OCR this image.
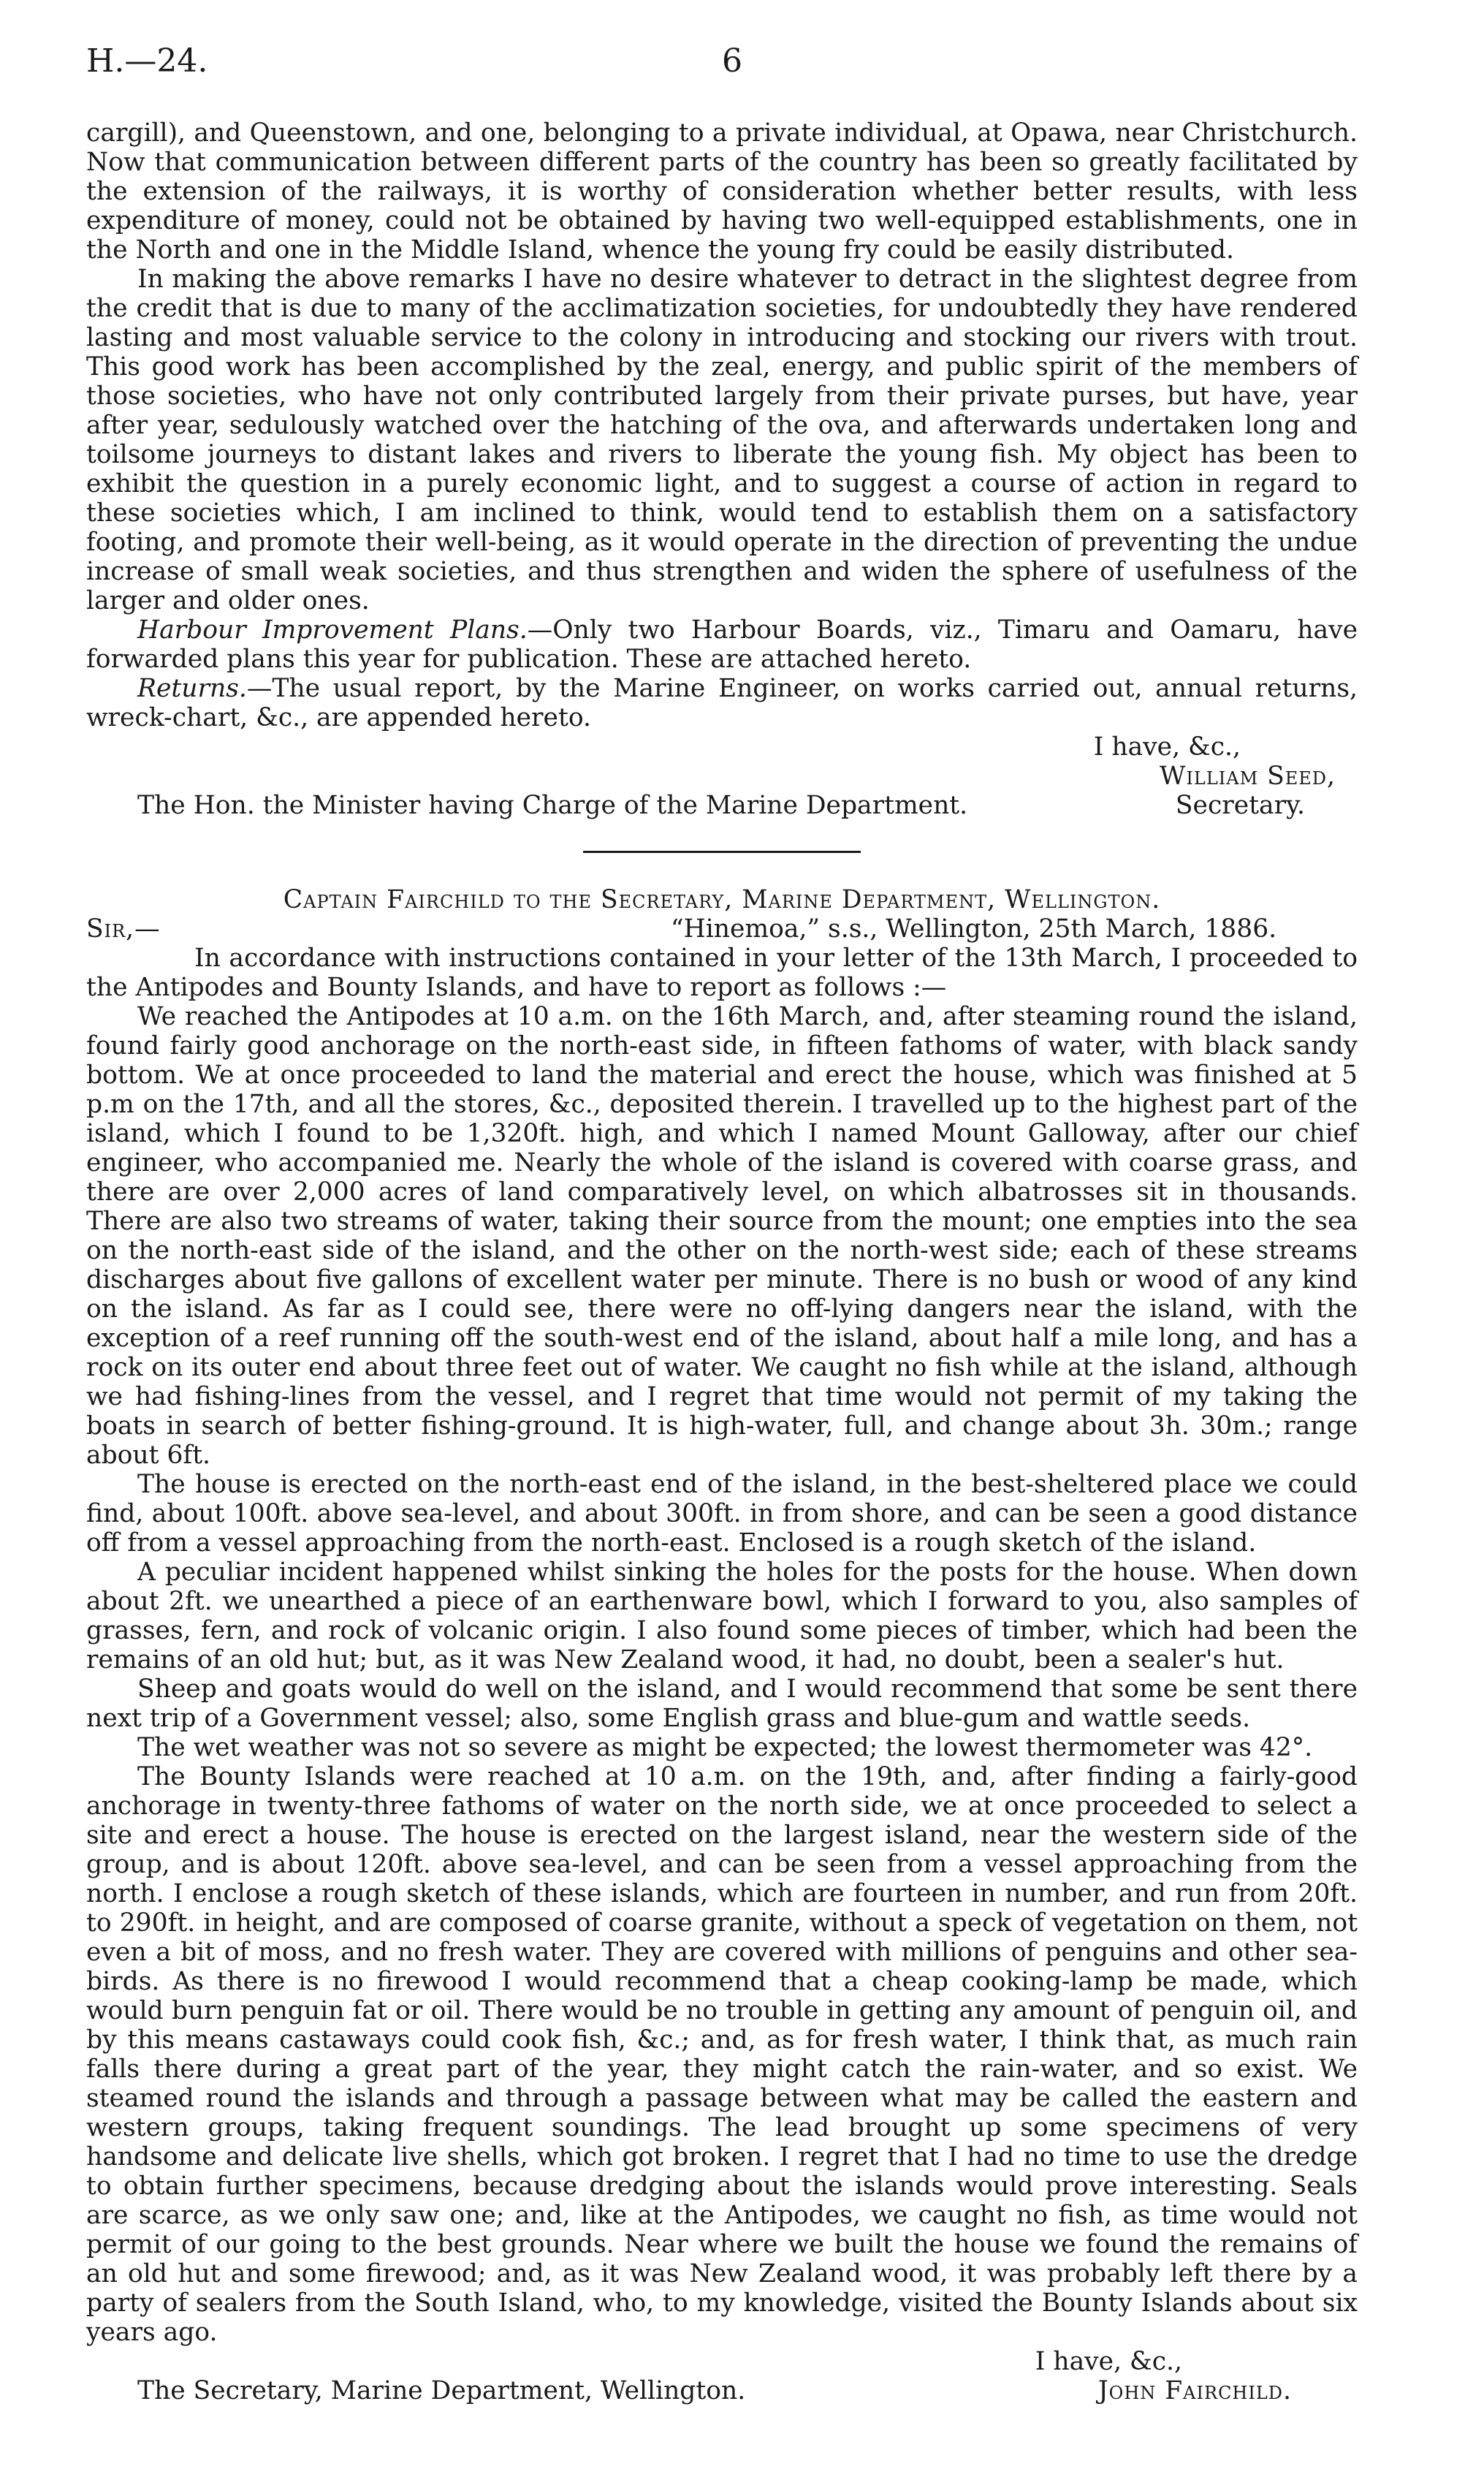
H.—24.	6

cargill), and Queenstown, and one, belonging to a private individual, at Opawa, near Christchurch. Now that communication between different parts of the country has been so greatly facilitated by the extension of the railways, it is worthy of consideration whether better results, with less expenditure of money, could not be obtained by having two well-equipped establishments, one in the North and one in the Middle Island, whence the young fry could be easily distributed.

In making the above remarks I have no desire whatever to detract in the slightest degree from the credit that is due to many of the acclimatization societies, for undoubtedly they have rendered lasting and most valuable service to the colony in introducing and stocking our rivers with trout. This good work has been accomplished by the zeal, energy, and public spirit of the members of those societies, who have not only contributed largely from their private purses, but have, year after year, sedulously watched over the hatching of the ova, and afterwards undertaken long and toilsome journeys to distant lakes and rivers to liberate the young fish. My object has been to exhibit the question in a purely economic light, and to suggest a course of action in regard to these societies which, I am inclined to think, would tend to establish them on a satisfactory footing, and promote their well-being, as it would operate in the direction of preventing the undue increase of small weak societies, and thus strengthen and widen the sphere of usefulness of the larger and older ones.

Harbour Improvement Plans.—Only two Harbour Boards, viz., Timaru and Oamaru, have forwarded plans this year for publication. These are attached hereto.

Returns.—The usual report, by the Marine Engineer, on works carried out, annual returns, wreck-chart, &c., are appended hereto.

I have, &c.,

William Seed,

The Hon. the Minister having Charge of the Marine Department.	Secretary.

Captain Fairchild to the Secretary, Marine Department, Wellington.

Sir,—	“Hinemoa,” s.s., Wellington, 25th March, 1886.

In accordance with instructions contained in your letter of the 13th March, I proceeded to the Antipodes and Bounty Islands, and have to report as follows :—

We reached the Antipodes at 10 a.m. on the 16th March, and, after steaming round the island, found fairly good anchorage on the north-east side, in fifteen fathoms of water, with black sandy bottom. We at once proceeded to land the material and erect the house, which was finished at 5 p.m on the 17th, and all the stores, &c., deposited therein. I travelled up to the highest part of the island, which I found to be 1,320ft. high, and which I named Mount Galloway, after our chief engineer, who accompanied me. Nearly the whole of the island is covered with coarse grass, and there are over 2,000 acres of land comparatively level, on which albatrosses sit in thousands. There are also two streams of water, taking their source from the mount; one empties into the sea on the north-east side of the island, and the other on the north-west side; each of these streams discharges about five gallons of excellent water per minute. There is no bush or wood of any kind on the island. As far as I could see, there were no off-lying dangers near the island, with the exception of a reef running off the south-west end of the island, about half a mile long, and has a rock on its outer end about three feet out of water. We caught no fish while at the island, although we had fishing-lines from the vessel, and I regret that time would not permit of my taking the boats in search of better fishing-ground. It is high-water, full, and change about 3h. 30m.; range about 6ft.

The house is erected on the north-east end of the island, in the best-sheltered place we could find, about 100ft. above sea-level, and about 300ft. in from shore, and can be seen a good distance off from a vessel approaching from the north-east. Enclosed is a rough sketch of the island.

A peculiar incident happened whilst sinking the holes for the posts for the house. When down about 2ft. we unearthed a piece of an earthenware bowl, which I forward to you, also samples of grasses, fern, and rock of volcanic origin. I also found some pieces of timber, which had been the remains of an old hut; but, as it was New Zealand wood, it had, no doubt, been a sealer's hut.

Sheep and goats would do well on the island, and I would recommend that some be sent there next trip of a Government vessel; also, some English grass and blue-gum and wattle seeds.

The wet weather was not so severe as might be expected; the lowest thermometer was 42°.

The Bounty Islands were reached at 10 a.m. on the 19th, and, after finding a fairly-good anchorage in twenty-three fathoms of water on the north side, we at once proceeded to select a site and erect a house. The house is erected on the largest island, near the western side of the group, and is about 120ft. above sea-level, and can be seen from a vessel approaching from the north. I enclose a rough sketch of these islands, which are fourteen in number, and run from 20ft. to 290ft. in height, and are composed of coarse granite, without a speck of vegetation on them, not even a bit of moss, and no fresh water. They are covered with millions of penguins and other sea-birds. As there is no firewood I would recommend that a cheap cooking-lamp be made, which would burn penguin fat or oil. There would be no trouble in getting any amount of penguin oil, and by this means castaways could cook fish, &c.; and, as for fresh water, I think that, as much rain falls there during a great part of the year, they might catch the rain-water, and so exist. We steamed round the islands and through a passage between what may be called the eastern and western groups, taking frequent soundings. The lead brought up some specimens of very handsome and delicate live shells, which got broken. I regret that I had no time to use the dredge to obtain further specimens, because dredging about the islands would prove interesting. Seals are scarce, as we only saw one; and, like at the Antipodes, we caught no fish, as time would not permit of our going to the best grounds. Near where we built the house we found the remains of an old hut and some firewood; and, as it was New Zealand wood, it was probably left there by a party of sealers from the South Island, who, to my knowledge, visited the Bounty Islands about six years ago.

I have, &c.,

The Secretary, Marine Department, Wellington.	John Fairchild.
